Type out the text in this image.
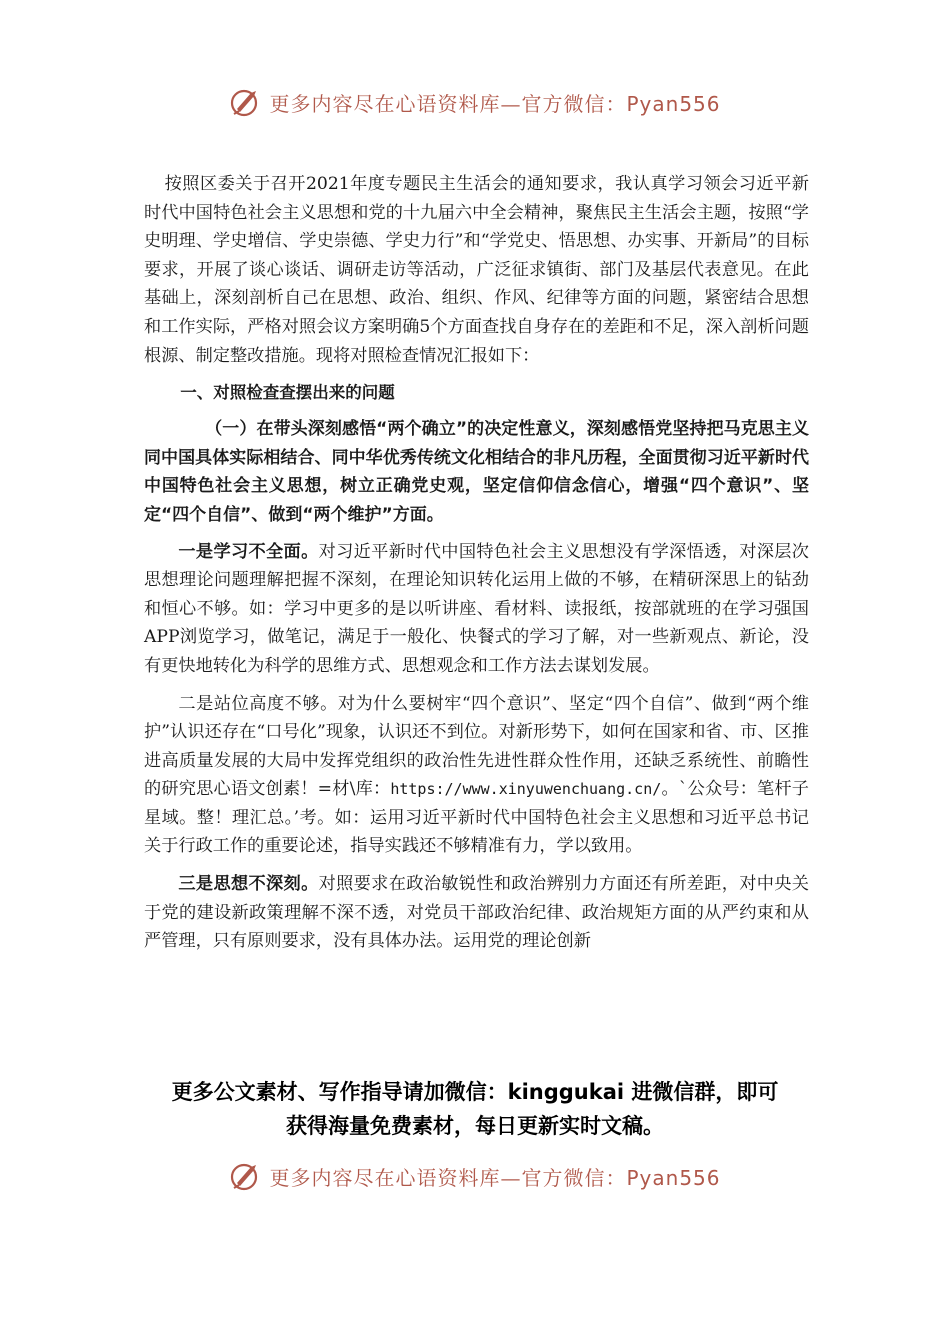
更多内容尽在心语资料库—官方微信：Pyan556

按照区委关于召开2021年度专题民主生活会的通知要求，我认真学习领会习近平新时代中国特色社会主义思想和党的十九届六中全会精神，聚焦民主生活会主题，按照“学史明理、学史增信、学史崇德、学史力行”和“学党史、悟思想、办实事、开新局”的目标要求，开展了谈心谈话、调研走访等活动，广泛征求镇街、部门及基层代表意见。在此基础上，深刻剖析自己在思想、政治、组织、作风、纪律等方面的问题，紧密结合思想和工作实际，严格对照会议方案明确5个方面查找自身存在的差距和不足，深入剖析问题根源、制定整改措施。现将对照检查情况汇报如下：

一、对照检查查摆出来的问题

（一）在带头深刻感悟“两个确立”的决定性意义，深刻感悟党坚持把马克思主义同中国具体实际相结合、同中华优秀传统文化相结合的非凡历程，全面贯彻习近平新时代中国特色社会主义思想，树立正确党史观，坚定信仰信念信心，增强“四个意识”、坚定“四个自信”、做到“两个维护”方面。

一是学习不全面。对习近平新时代中国特色社会主义思想没有学深悟透，对深层次思想理论问题理解把握不深刻，在理论知识转化运用上做的不够，在精研深思上的钻劲和恒心不够。如：学习中更多的是以听讲座、看材料、读报纸，按部就班的在学习强国APP浏览学习，做笔记，满足于一般化、快餐式的学习了解，对一些新观点、新论，没有更快地转化为科学的思维方式、思想观念和工作方法去谋划发展。

二是站位高度不够。对为什么要树牢“四个意识”、坚定“四个自信”、做到“两个维护”认识还存在“口号化”现象，认识还不到位。对新形势下，如何在国家和省、市、区推进高质量发展的大局中发挥党组织的政治性先进性群众性作用，还缺乏系统性、前瞻性的研究思心语文创素！=材\库：https://www.xinyuwenchuang.cn/。`公众号：笔杆子星域。整！理汇总。’考。如：运用习近平新时代中国特色社会主义思想和习近平总书记关于行政工作的重要论述，指导实践还不够精准有力，学以致用。

三是思想不深刻。对照要求在政治敏锐性和政治辨别力方面还有所差距，对中央关于党的建设新政策理解不深不透，对党员干部政治纪律、政治规矩方面的从严约束和从严管理，只有原则要求，没有具体办法。运用党的理论创新

更多公文素材、写作指导请加微信：kinggukai 进微信群，即可
获得海量免费素材，每日更新实时文稿。
更多内容尽在心语资料库—官方微信：Pyan556
